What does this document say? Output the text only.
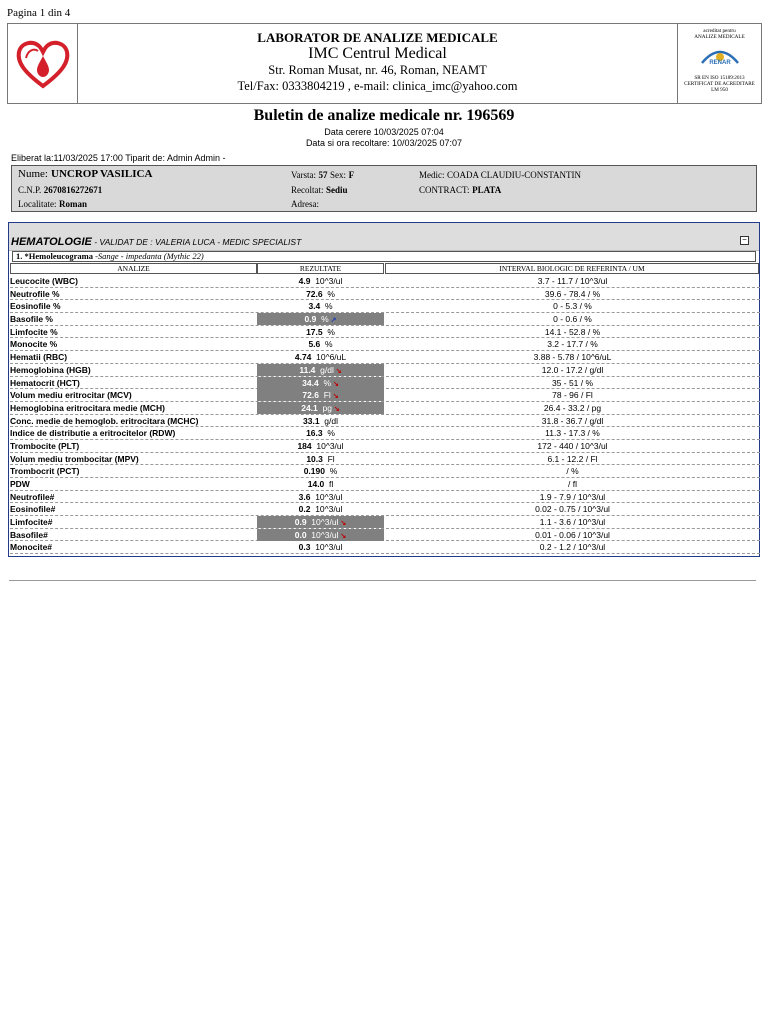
Pagina 1 din 4
LABORATOR DE ANALIZE MEDICALE
IMC Centrul Medical
Str. Roman Musat, nr. 46, Roman, NEAMT
Tel/Fax: 0333804219 , e-mail: clinica_imc@yahoo.com
acreditat pentru
ANALIZE MEDICALE
RENAR
SR EN ISO 15189:2013
CERTIFICAT DE ACREDITARE
LM 950
Buletin de analize medicale nr. 196569
Data cerere 10/03/2025 07:04
Data si ora recoltare: 10/03/2025 07:07
Eliberat la:11/03/2025 17:00 Tiparit de: Admin Admin -
Nume: UNCROP VASILICA
C.N.P. 2670816272671
Localitate: Roman
Varsta: 57 Sex: F
Recoltat: Sediu
Adresa:
Medic: COADA CLAUDIU-CONSTANTIN
CONTRACT: PLATA
HEMATOLOGIE - VALIDAT DE : VALERIA LUCA - MEDIC SPECIALIST	−
1. *Hemoleucograma -Sange - impedanta (Mythic 22)
ANALIZE	REZULTATE	INTERVAL BIOLOGIC DE REFERINTA / UM
Leucocite (WBC)	4.9 10^3/ul	3.7 - 11.7 / 10^3/ul
Neutrofile %	72.6 %	39.6 - 78.4 / %
Eosinofile %	3.4 %	0 - 5.3 / %
Basofile %	0.9 % ↗	0 - 0.6 / %
Limfocite %	17.5 %	14.1 - 52.8 / %
Monocite %	5.6 %	3.2 - 17.7 / %
Hematii (RBC)	4.74 10^6/uL	3.88 - 5.78 / 10^6/uL
Hemoglobina (HGB)	11.4 g/dl ↘	12.0 - 17.2 / g/dl
Hematocrit (HCT)	34.4 % ↘	35 - 51 / %
Volum mediu eritrocitar (MCV)	72.6 Fl ↘	78 - 96 / Fl
Hemoglobina eritrocitara medie (MCH)	24.1 pg ↘	26.4 - 33.2 / pg
Conc. medie de hemoglob. eritrocitara (MCHC)	33.1 g/dl	31.8 - 36.7 / g/dl
Indice de distributie a eritrocitelor (RDW)	16.3 %	11.3 - 17.3 / %
Trombocite (PLT)	184 10^3/ul	172 - 440 / 10^3/ul
Volum mediu trombocitar (MPV)	10.3 Fl	6.1 - 12.2 / Fl
Trombocrit (PCT)	0.190 %	/ %
PDW	14.0 fl	/ fl
Neutrofile#	3.6 10^3/ul	1.9 - 7.9 / 10^3/ul
Eosinofile#	0.2 10^3/ul	0.02 - 0.75 / 10^3/ul
Limfocite#	0.9 10^3/ul ↘	1.1 - 3.6 / 10^3/ul
Basofile#	0.0 10^3/ul ↘	0.01 - 0.06 / 10^3/ul
Monocite#	0.3 10^3/ul	0.2 - 1.2 / 10^3/ul
